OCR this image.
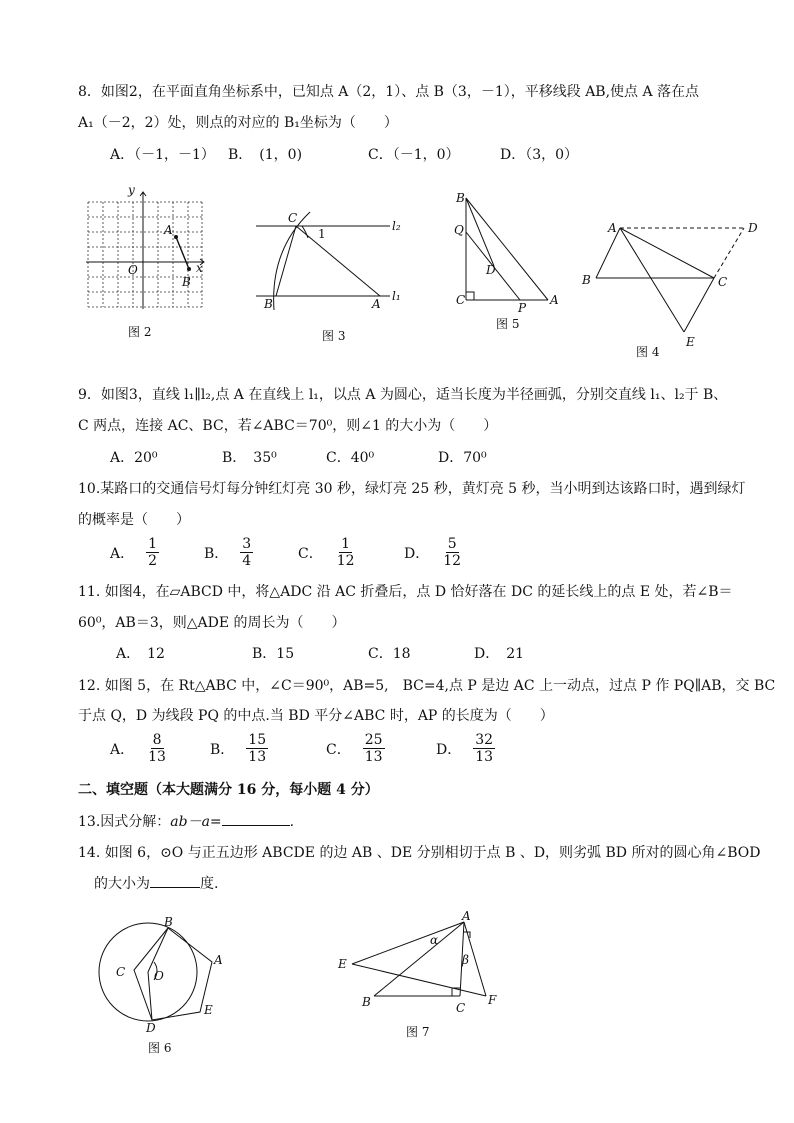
8．如图2，在平面直角坐标系中，已知点 A（2，1）、点 B（3，－1），平移线段 AB,使点 A 落在点
A₁（－2，2）处，则点的对应的 B₁坐标为（　　）
A．（－1，－1） B．　(1，0)	C．（－1，0）	D．（3，0）
y
A
O	x
B
图 2
C
1
l₂
B	A
l₁
图 3
B
Q
D
C
P
A
图 5
A	D
B	C
E
图 4
9．如图3，直线 l₁∥l₂,点 A 在直线上 l₁，以点 A 为圆心，适当长度为半径画弧，分别交直线 l₁、l₂于 B、
C 两点，连接 AC、BC，若∠ABC＝70⁰，则∠1 的大小为（　　）
A．20⁰	B．　35⁰	C．40⁰	D．70⁰
10.某路口的交通信号灯每分钟红灯亮 30 秒，绿灯亮 25 秒，黄灯亮 5 秒，当小明到达该路口时，遇到绿灯
的概率是（　　）
A． $\frac{1}{2}$	B． $\frac{3}{4}$	C． $\frac{1}{12}$	D． $\frac{5}{12}$
11. 如图4，在▱ABCD 中，将△ADC 沿 AC 折叠后，点 D 恰好落在 DC 的延长线上的点 E 处，若∠B＝
60⁰，AB＝3，则△ADE 的周长为（　　）
A．　12	B．15	C．18	D．　21
12. 如图 5，在 Rt△ABC 中，∠C＝90⁰，AB=5,　BC=4,点 P 是边 AC 上一动点，过点 P 作 PQ∥AB，交 BC
于点 Q，D 为线段 PQ 的中点.当 BD 平分∠ABC 时，AP 的长度为（　　）
A． $\frac{8}{13}$	B． $\frac{15}{13}$	C． $\frac{25}{13}$	D． $\frac{32}{13}$
二、填空题（本大题满分 16 分，每小题 4 分）
13.因式分解：ab－a=	.
14. 如图 6，⊙O 与正五边形 ABCDE 的边 AB 、DE 分别相切于点 B 、D，则劣弧 BD 所对的圆心角∠BOD
的大小为	度.
B
C O
A
E
D
图 6
A
α
β
E
B	C
F
图 7
